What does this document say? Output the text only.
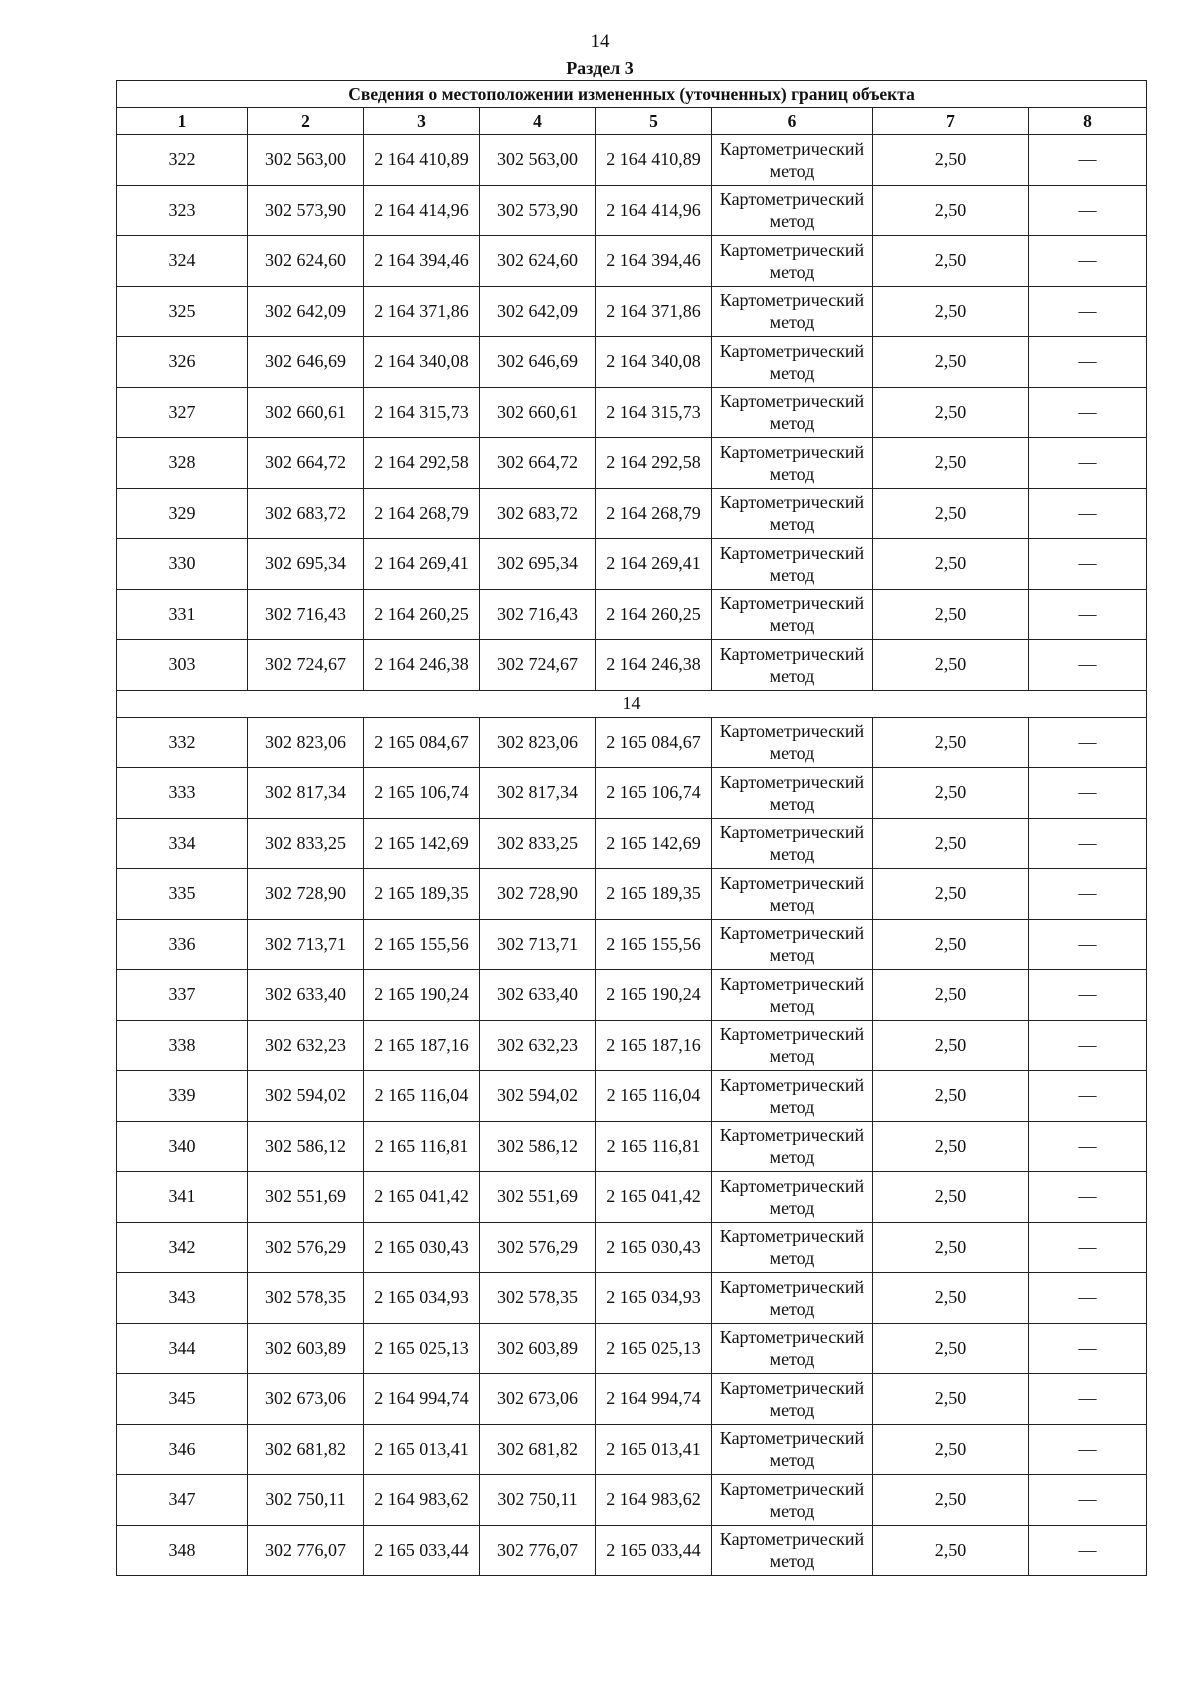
14
Раздел 3
Сведения о местоположении измененных (уточненных) границ объекта							
1	2	3	4	5	6	7	8
322	302 563,00	2 164 410,89	302 563,00	2 164 410,89	Картометрический метод	2,50	—
323	302 573,90	2 164 414,96	302 573,90	2 164 414,96	Картометрический метод	2,50	—
324	302 624,60	2 164 394,46	302 624,60	2 164 394,46	Картометрический метод	2,50	—
325	302 642,09	2 164 371,86	302 642,09	2 164 371,86	Картометрический метод	2,50	—
326	302 646,69	2 164 340,08	302 646,69	2 164 340,08	Картометрический метод	2,50	—
327	302 660,61	2 164 315,73	302 660,61	2 164 315,73	Картометрический метод	2,50	—
328	302 664,72	2 164 292,58	302 664,72	2 164 292,58	Картометрический метод	2,50	—
329	302 683,72	2 164 268,79	302 683,72	2 164 268,79	Картометрический метод	2,50	—
330	302 695,34	2 164 269,41	302 695,34	2 164 269,41	Картометрический метод	2,50	—
331	302 716,43	2 164 260,25	302 716,43	2 164 260,25	Картометрический метод	2,50	—
303	302 724,67	2 164 246,38	302 724,67	2 164 246,38	Картометрический метод	2,50	—
14							
332	302 823,06	2 165 084,67	302 823,06	2 165 084,67	Картометрический метод	2,50	—
333	302 817,34	2 165 106,74	302 817,34	2 165 106,74	Картометрический метод	2,50	—
334	302 833,25	2 165 142,69	302 833,25	2 165 142,69	Картометрический метод	2,50	—
335	302 728,90	2 165 189,35	302 728,90	2 165 189,35	Картометрический метод	2,50	—
336	302 713,71	2 165 155,56	302 713,71	2 165 155,56	Картометрический метод	2,50	—
337	302 633,40	2 165 190,24	302 633,40	2 165 190,24	Картометрический метод	2,50	—
338	302 632,23	2 165 187,16	302 632,23	2 165 187,16	Картометрический метод	2,50	—
339	302 594,02	2 165 116,04	302 594,02	2 165 116,04	Картометрический метод	2,50	—
340	302 586,12	2 165 116,81	302 586,12	2 165 116,81	Картометрический метод	2,50	—
341	302 551,69	2 165 041,42	302 551,69	2 165 041,42	Картометрический метод	2,50	—
342	302 576,29	2 165 030,43	302 576,29	2 165 030,43	Картометрический метод	2,50	—
343	302 578,35	2 165 034,93	302 578,35	2 165 034,93	Картометрический метод	2,50	—
344	302 603,89	2 165 025,13	302 603,89	2 165 025,13	Картометрический метод	2,50	—
345	302 673,06	2 164 994,74	302 673,06	2 164 994,74	Картометрический метод	2,50	—
346	302 681,82	2 165 013,41	302 681,82	2 165 013,41	Картометрический метод	2,50	—
347	302 750,11	2 164 983,62	302 750,11	2 164 983,62	Картометрический метод	2,50	—
348	302 776,07	2 165 033,44	302 776,07	2 165 033,44	Картометрический метод	2,50	—
